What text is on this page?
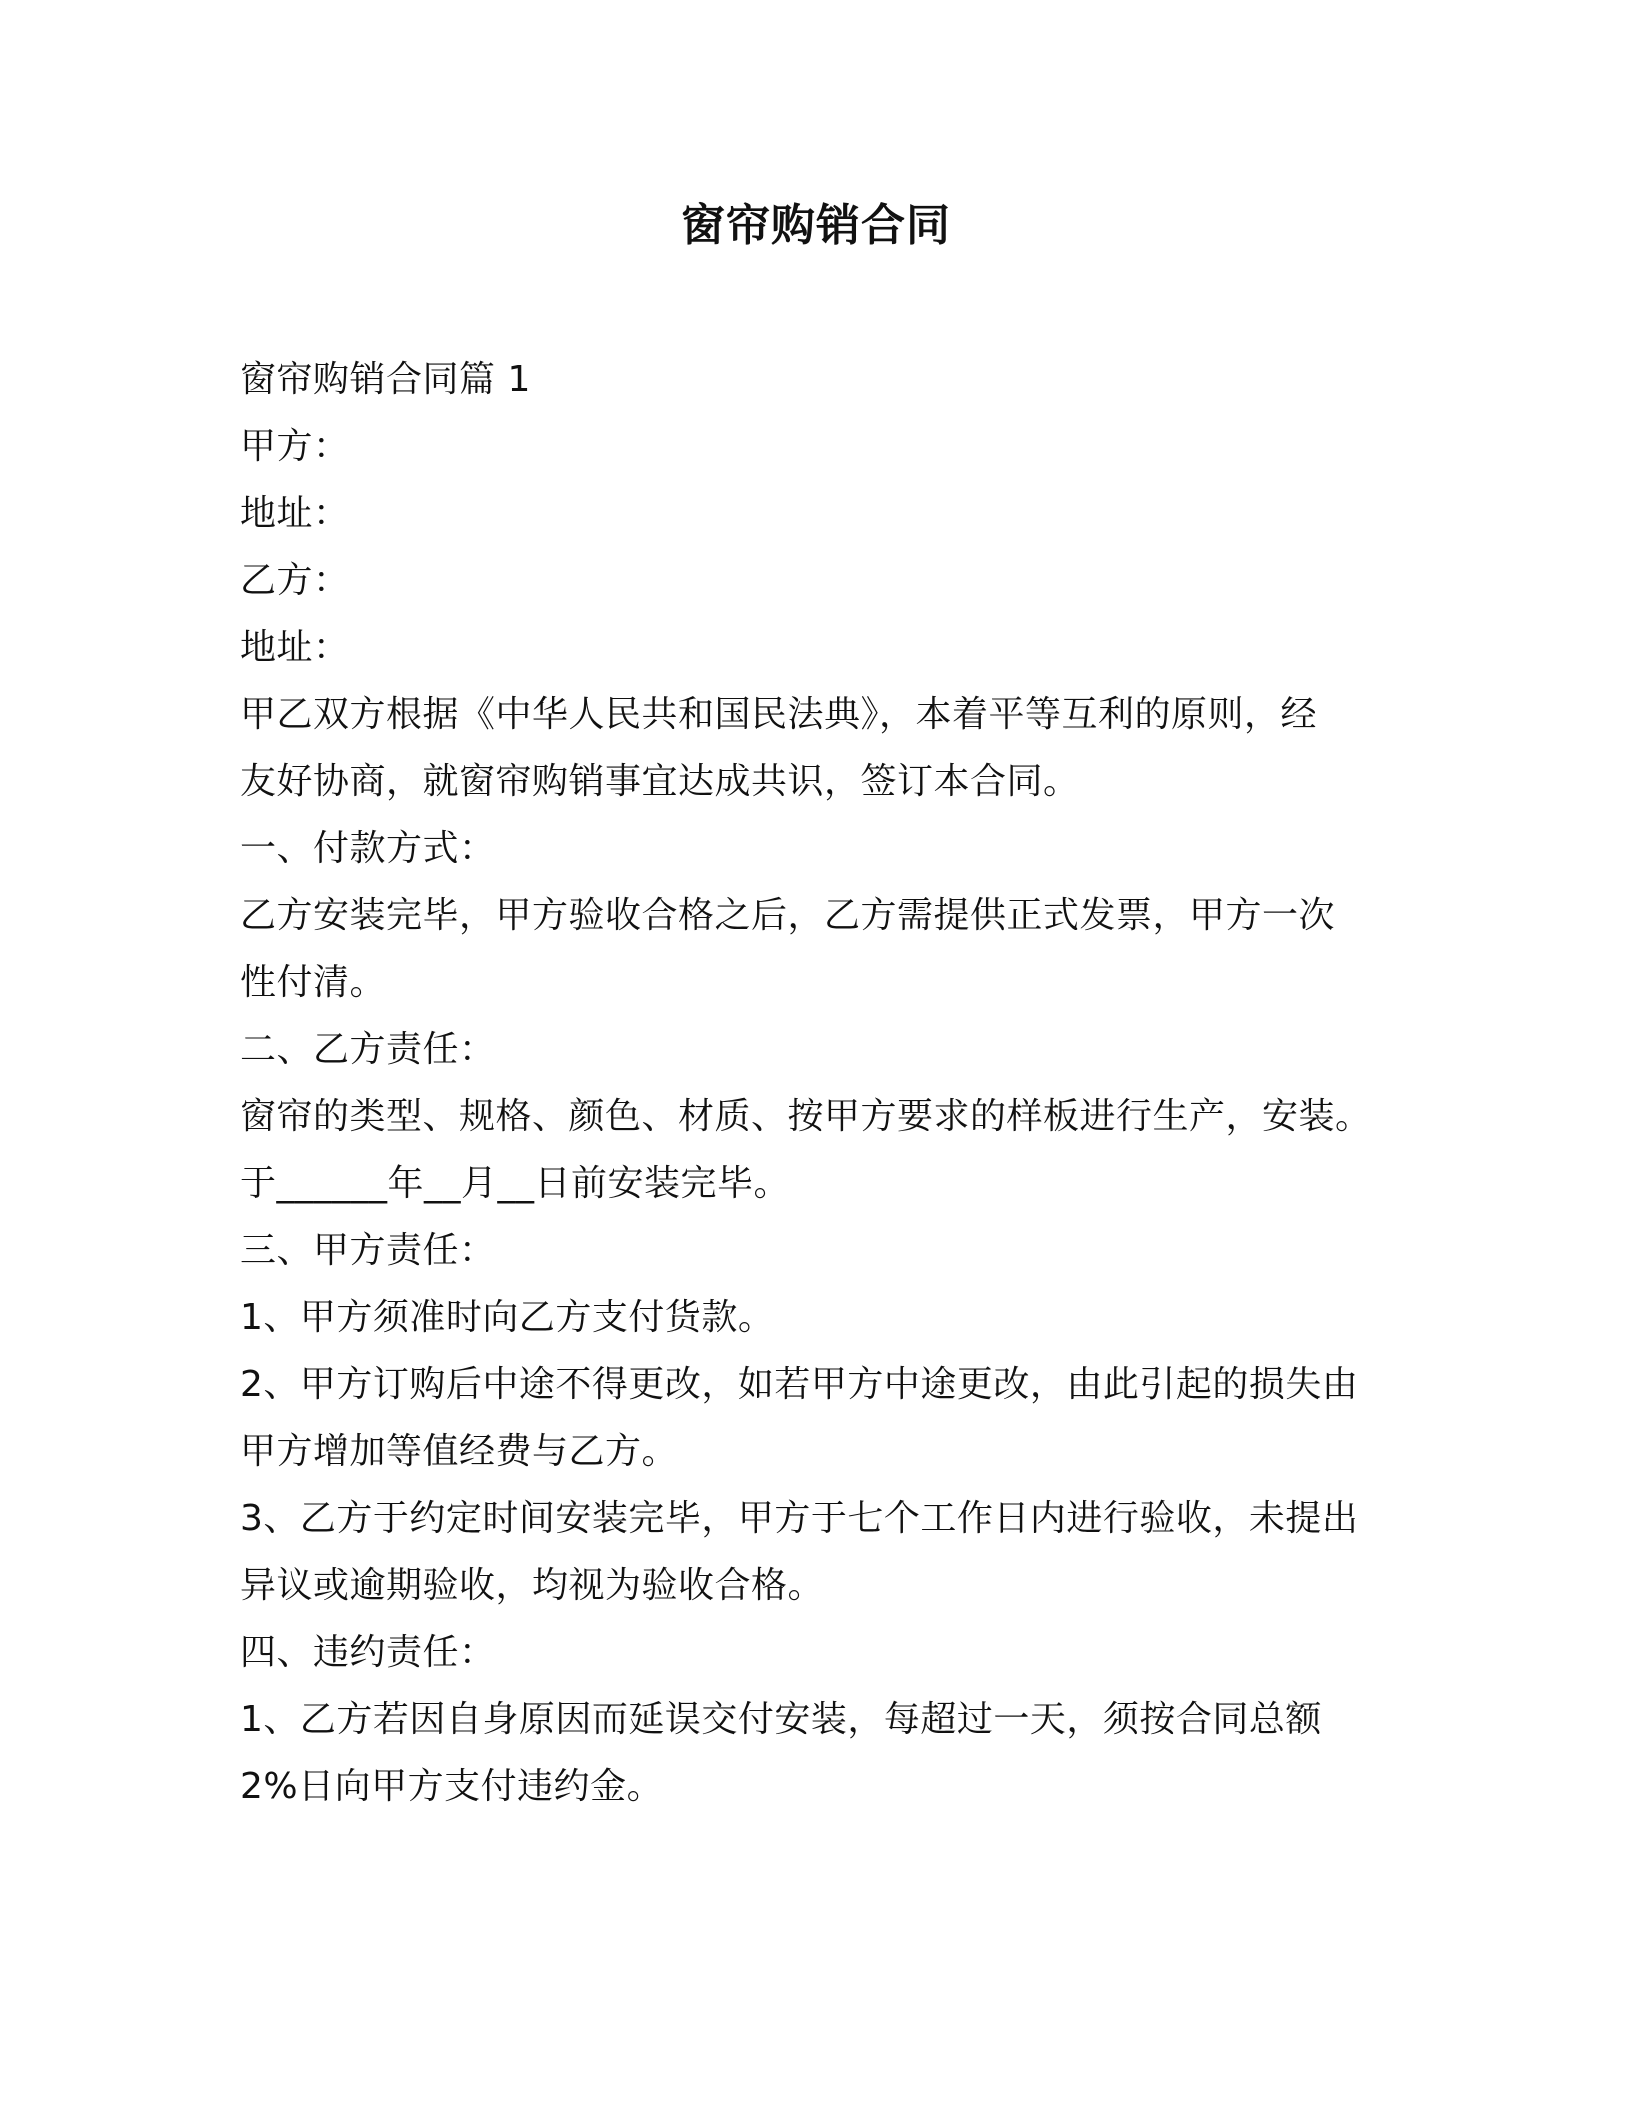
窗帘购销合同

窗帘购销合同篇 1

甲方：

地址：

乙方：

地址：

甲乙双方根据《中华人民共和国民法典》，本着平等互利的原则，经

友好协商，就窗帘购销事宜达成共识，签订本合同。

一、付款方式：

乙方安装完毕，甲方验收合格之后，乙方需提供正式发票，甲方一次

性付清。

二、乙方责任：

窗帘的类型、规格、颜色、材质、按甲方要求的样板进行生产，安装。

于______年__月__日前安装完毕。

三、甲方责任：

1、甲方须准时向乙方支付货款。

2、甲方订购后中途不得更改，如若甲方中途更改，由此引起的损失由

甲方增加等值经费与乙方。

3、乙方于约定时间安装完毕，甲方于七个工作日内进行验收，未提出

异议或逾期验收，均视为验收合格。

四、违约责任：

1、乙方若因自身原因而延误交付安装，每超过一天，须按合同总额

2%日向甲方支付违约金。
